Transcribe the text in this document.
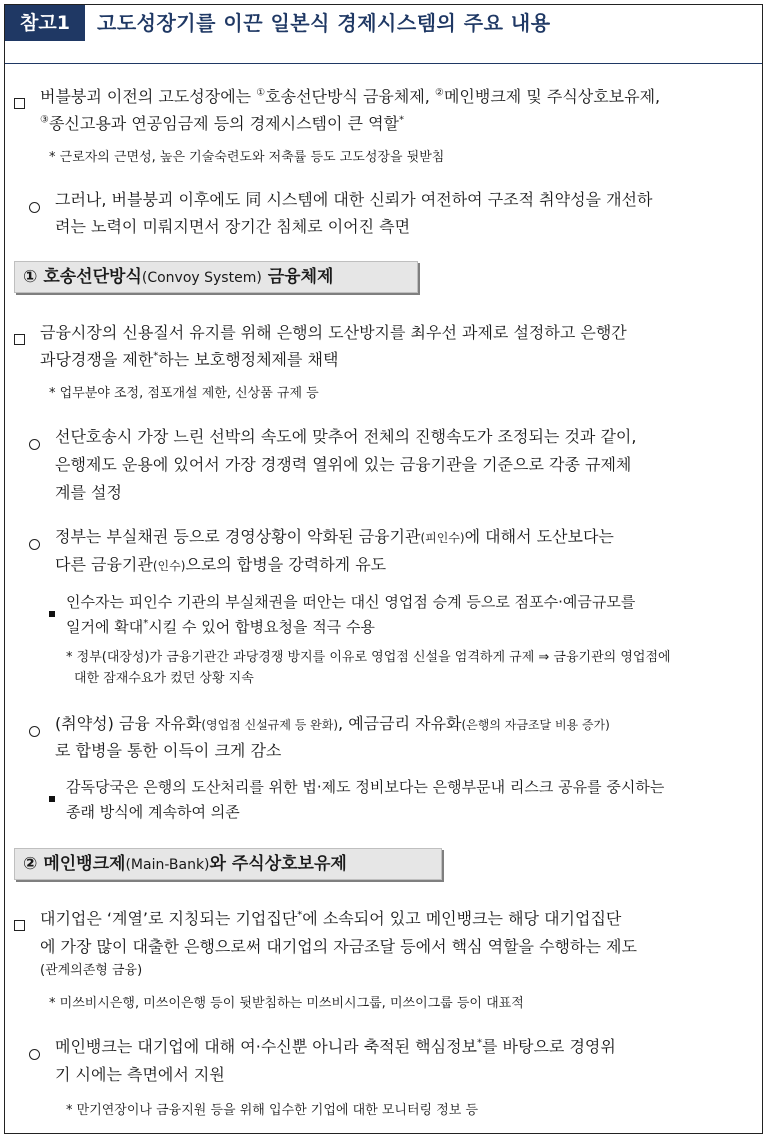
참고1	고도성장기를 이끈 일본식 경제시스템의 주요 내용
버블붕괴 이전의 고도성장에는 ①호송선단방식 금융체제, ②메인뱅크제 및 주식상호보유제,
③종신고용과 연공임금제 등의 경제시스템이 큰 역할*
* 근로자의 근면성, 높은 기술숙련도와 저축률 등도 고도성장을 뒷받침
그러나, 버블붕괴 이후에도 同 시스템에 대한 신뢰가 여전하여 구조적 취약성을 개선하
려는 노력이 미뤄지면서 장기간 침체로 이어진 측면
① 호송선단방식(Convoy System) 금융체제
금융시장의 신용질서 유지를 위해 은행의 도산방지를 최우선 과제로 설정하고 은행간
과당경쟁을 제한*하는 보호행정체제를 채택
* 업무분야 조정, 점포개설 제한, 신상품 규제 등
선단호송시 가장 느린 선박의 속도에 맞추어 전체의 진행속도가 조정되는 것과 같이,
은행제도 운용에 있어서 가장 경쟁력 열위에 있는 금융기관을 기준으로 각종 규제체
계를 설정
정부는 부실채권 등으로 경영상황이 악화된 금융기관(피인수)에 대해서 도산보다는
다른 금융기관(인수)으로의 합병을 강력하게 유도
인수자는 피인수 기관의 부실채권을 떠안는 대신 영업점 승계 등으로 점포수·예금규모를
일거에 확대*시킬 수 있어 합병요청을 적극 수용
* 정부(대장성)가 금융기관간 과당경쟁 방지를 이유로 영업점 신설을 엄격하게 규제 ⇒ 금융기관의 영업점에
대한 잠재수요가 컸던 상황 지속
(취약성) 금융 자유화(영업점 신설규제 등 완화), 예금금리 자유화(은행의 자금조달 비용 증가)
로 합병을 통한 이득이 크게 감소
감독당국은 은행의 도산처리를 위한 법·제도 정비보다는 은행부문내 리스크 공유를 중시하는
종래 방식에 계속하여 의존
② 메인뱅크제(Main-Bank)와 주식상호보유제
대기업은 ‘계열’로 지칭되는 기업집단*에 소속되어 있고 메인뱅크는 해당 대기업집단
에 가장 많이 대출한 은행으로써 대기업의 자금조달 등에서 핵심 역할을 수행하는 제도
(관계의존형 금융)
* 미쓰비시은행, 미쓰이은행 등이 뒷받침하는 미쓰비시그룹, 미쓰이그룹 등이 대표적
메인뱅크는 대기업에 대해 여·수신뿐 아니라 축적된 핵심정보*를 바탕으로 경영위
기 시에는 측면에서 지원
* 만기연장이나 금융지원 등을 위해 입수한 기업에 대한 모니터링 정보 등
